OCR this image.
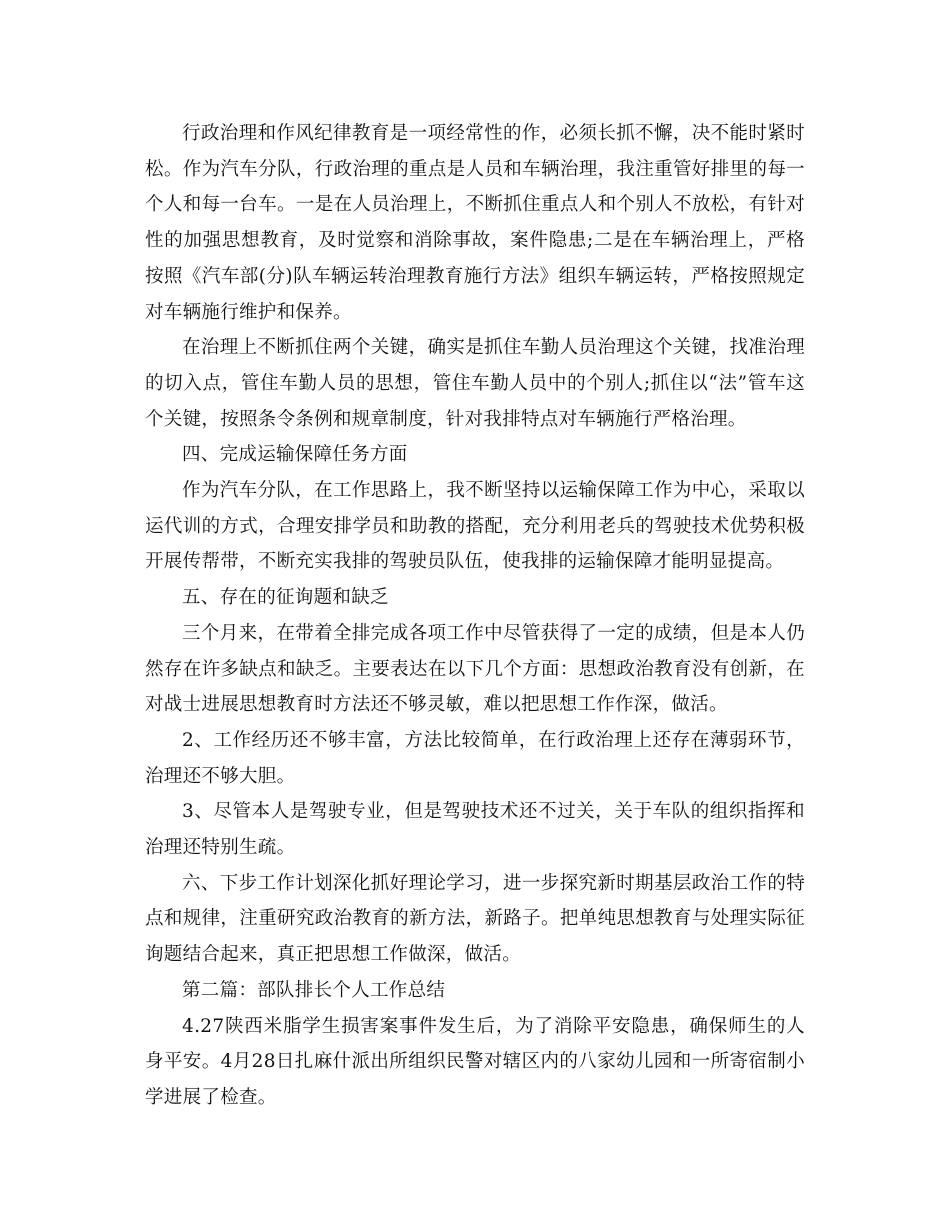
行政治理和作风纪律教育是一项经常性的作，必须长抓不懈，决不能时紧时松。作为汽车分队，行政治理的重点是人员和车辆治理，我注重管好排里的每一个人和每一台车。一是在人员治理上，不断抓住重点人和个别人不放松，有针对性的加强思想教育，及时觉察和消除事故，案件隐患;二是在车辆治理上，严格按照《汽车部(分)队车辆运转治理教育施行方法》组织车辆运转，严格按照规定对车辆施行维护和保养。

在治理上不断抓住两个关键，确实是抓住车勤人员治理这个关键，找准治理的切入点，管住车勤人员的思想，管住车勤人员中的个别人;抓住以“法”管车这个关键，按照条令条例和规章制度，针对我排特点对车辆施行严格治理。

四、完成运输保障任务方面

作为汽车分队，在工作思路上，我不断坚持以运输保障工作为中心，采取以运代训的方式，合理安排学员和助教的搭配，充分利用老兵的驾驶技术优势积极开展传帮带，不断充实我排的驾驶员队伍，使我排的运输保障才能明显提高。

五、存在的征询题和缺乏

三个月来，在带着全排完成各项工作中尽管获得了一定的成绩，但是本人仍然存在许多缺点和缺乏。主要表达在以下几个方面：思想政治教育没有创新，在对战士进展思想教育时方法还不够灵敏，难以把思想工作作深，做活。

2、工作经历还不够丰富，方法比较简单，在行政治理上还存在薄弱环节，治理还不够大胆。

3、尽管本人是驾驶专业，但是驾驶技术还不过关，关于车队的组织指挥和治理还特别生疏。

六、下步工作计划深化抓好理论学习，进一步探究新时期基层政治工作的特点和规律，注重研究政治教育的新方法，新路子。把单纯思想教育与处理实际征询题结合起来，真正把思想工作做深，做活。

第二篇：部队排长个人工作总结

4.27陕西米脂学生损害案事件发生后，为了消除平安隐患，确保师生的人身平安。4月28日扎麻什派出所组织民警对辖区内的八家幼儿园和一所寄宿制小学进展了检查。
